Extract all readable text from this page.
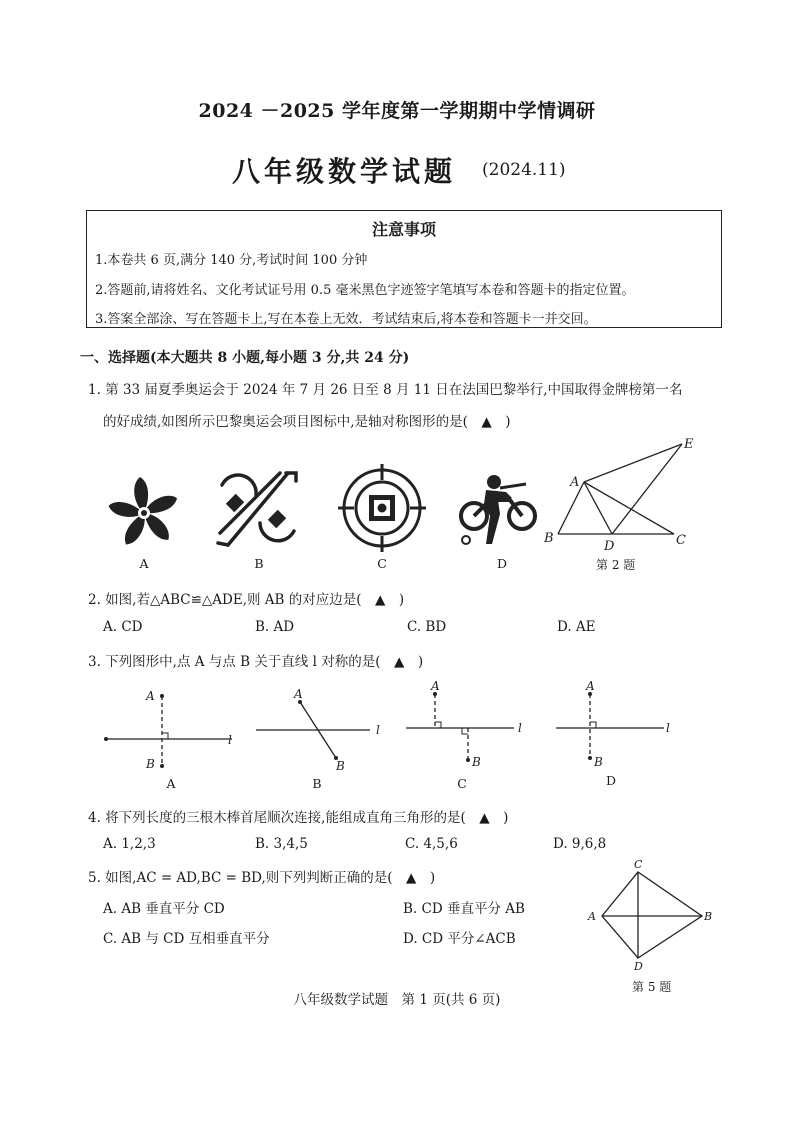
2024 －2025 学年度第一学期期中学情调研
八年级数学试题 (2024.11)
注意事项
1.本卷共 6 页,满分 140 分,考试时间 100 分钟
2.答题前,请将姓名、文化考试证号用 0.5 毫米黑色字迹签字笔填写本卷和答题卡的指定位置。
3.答案全部涂、写在答题卡上,写在本卷上无效．考试结束后,将本卷和答题卡一并交回。
一、选择题(本大题共 8 小题,每小题 3 分,共 24 分)
1. 第 33 届夏季奥运会于 2024 年 7 月 26 日至 8 月 11 日在法国巴黎举行,中国取得金牌榜第一名
的好成绩,如图所示巴黎奥运会项目图标中,是轴对称图形的是(　▲　)
A	B	C	D
A
B	C
D
E
第 2 题
2. 如图,若△ABC≌△ADE,则 AB 的对应边是(　▲　)
A. CD	B. AD	C. BD	D. AE
3. 下列图形中,点 A 与点 B 关于直线 l 对称的是(　▲　)
A
B
l
A
B
l
A
B
l
A
B
l
A	B	C	D
4. 将下列长度的三根木棒首尾顺次连接,能组成直角三角形的是(　▲　)
A. 1,2,3	B. 3,4,5	C. 4,5,6	D. 9,6,8
5. 如图,AC = AD,BC = BD,则下列判断正确的是(　▲　)
A. AB 垂直平分 CD	B. CD 垂直平分 AB
C. AB 与 CD 互相垂直平分	D. CD 平分∠ACB
C
A	B
D
第 5 题
八年级数学试题　第 1 页(共 6 页)
